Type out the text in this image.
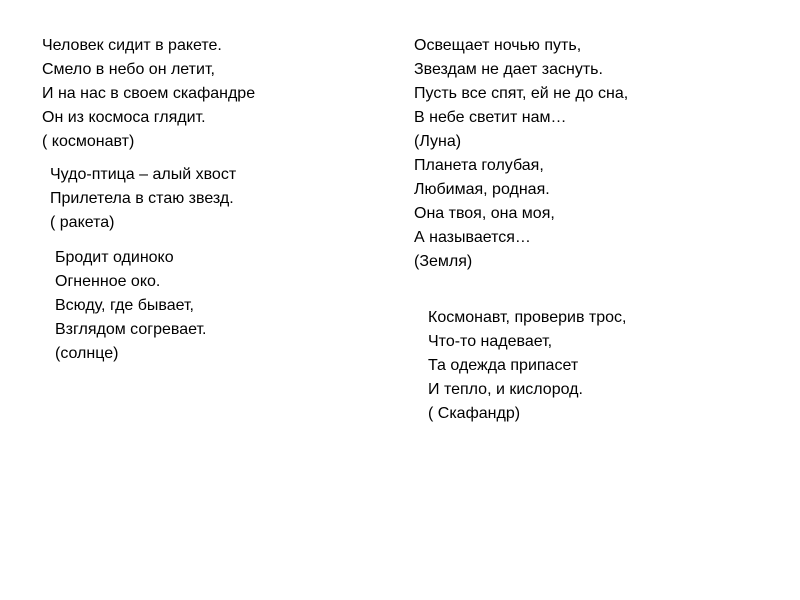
Человек сидит в ракете.
Смело в небо он летит,
И на нас в своем скафандре
Он из космоса глядит.
( космонавт)
Чудо-птица – алый хвост
Прилетела в стаю звезд.
( ракета)
Бродит одиноко
Огненное око.
Всюду, где бывает,
Взглядом согревает.
(солнце)
Освещает ночью путь,
Звездам не дает заснуть.
Пусть все спят, ей не до сна,
В небе светит нам…
(Луна)
Планета голубая,
Любимая, родная.
Она твоя, она моя,
А называется…
(Земля)
Космонавт, проверив трос,
Что-то надевает,
Та одежда припасет
И тепло, и кислород.
( Скафандр)
